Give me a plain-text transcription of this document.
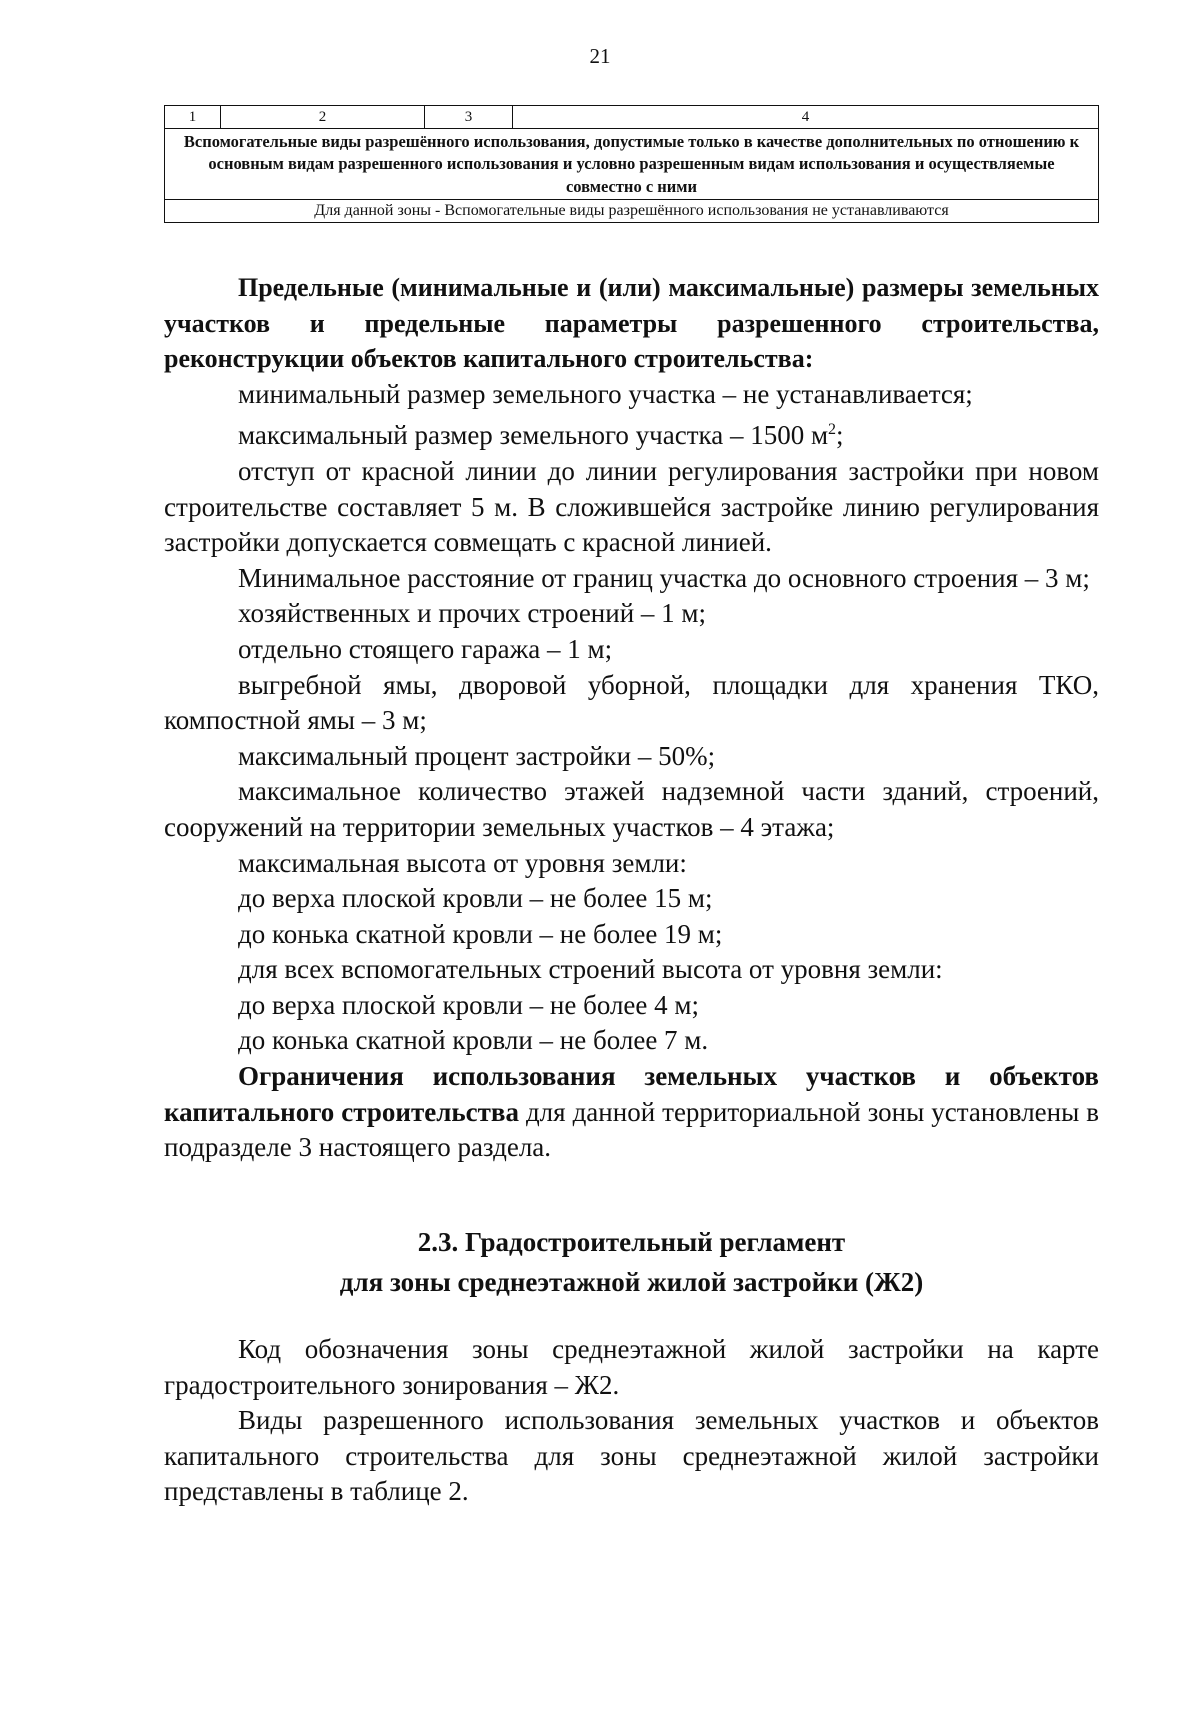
21
1	2	3	4
Вспомогательные виды разрешённого использования, допустимые только в качестве дополнительных по отношению к основным видам разрешенного использования и условно разрешенным видам использования и осуществляемые совместно с ними
Для данной зоны - Вспомогательные виды разрешённого использования не устанавливаются

Предельные (минимальные и (или) максимальные) размеры земельных участков и предельные параметры разрешенного строительства, реконструкции объектов капитального строительства:

минимальный размер земельного участка – не устанавливается;

максимальный размер земельного участка – 1500 $м^2$;

отступ от красной линии до линии регулирования застройки при новом строительстве составляет 5 м. В сложившейся застройке линию регулирования застройки допускается совмещать с красной линией.

Минимальное расстояние от границ участка до основного строения – 3 м;

хозяйственных и прочих строений – 1 м;

отдельно стоящего гаража – 1 м;

выгребной ямы, дворовой уборной, площадки для хранения ТКО, компостной ямы – 3 м;

максимальный процент застройки – 50%;

максимальное количество этажей надземной части зданий, строений, сооружений на территории земельных участков – 4 этажа;

максимальная высота от уровня земли:

до верха плоской кровли – не более 15 м;

до конька скатной кровли – не более 19 м;

для всех вспомогательных строений высота от уровня земли:

до верха плоской кровли – не более 4 м;

до конька скатной кровли – не более 7 м.

Ограничения использования земельных участков и объектов капитального строительства для данной территориальной зоны установлены в подразделе 3 настоящего раздела.

2.3. Градостроительный регламент
для зоны среднеэтажной жилой застройки (Ж2)

Код обозначения зоны среднеэтажной жилой застройки на карте градостроительного зонирования – Ж2.

Виды разрешенного использования земельных участков и объектов капитального строительства для зоны среднеэтажной жилой застройки представлены в таблице 2.
